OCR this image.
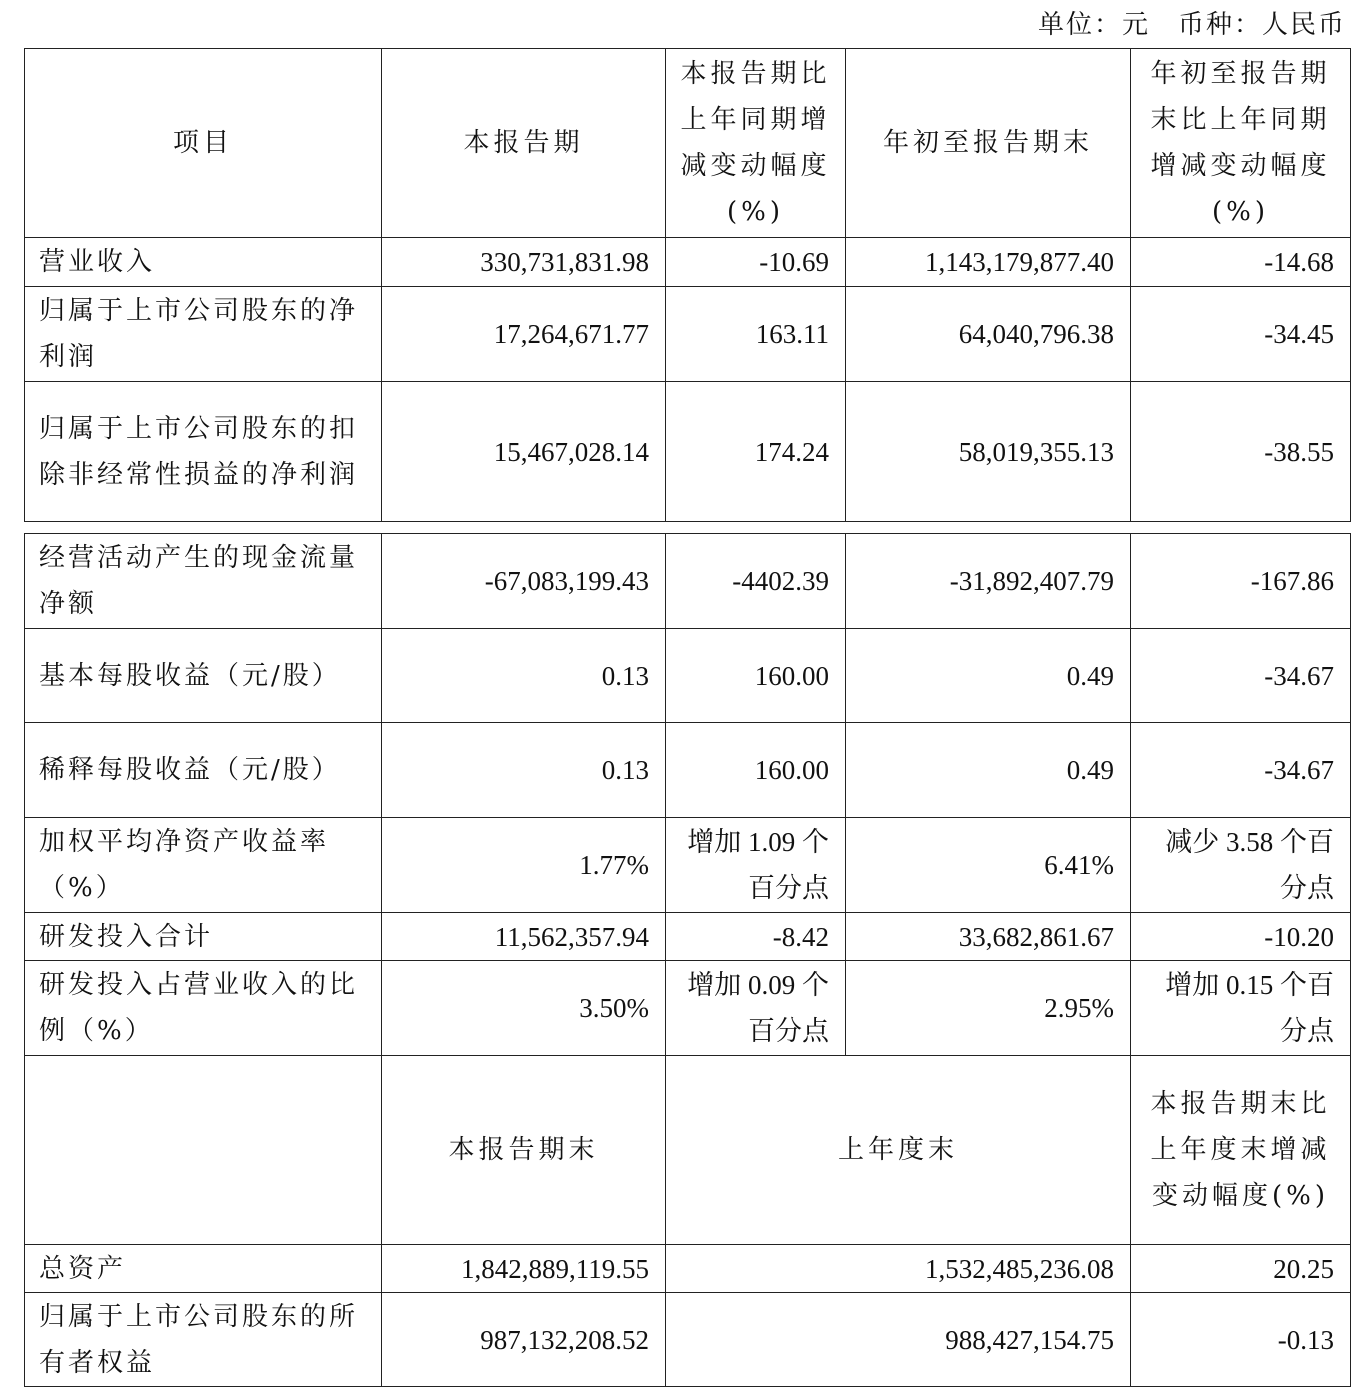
单位：元　币种：人民币
项目	本报告期	本报告期比上年同期增减变动幅度(%)	年初至报告期末	年初至报告期末比上年同期增减变动幅度(%)
营业收入	330,731,831.98	-10.69	1,143,179,877.40	-14.68
归属于上市公司股东的净利润	17,264,671.77	163.11	64,040,796.38	-34.45
归属于上市公司股东的扣除非经常性损益的净利润	15,467,028.14	174.24	58,019,355.13	-38.55
经营活动产生的现金流量净额	-67,083,199.43	-4402.39	-31,892,407.79	-167.86
基本每股收益（元/股）	0.13	160.00	0.49	-34.67
稀释每股收益（元/股）	0.13	160.00	0.49	-34.67
加权平均净资产收益率（%）	1.77%	增加 1.09 个百分点	6.41%	减少 3.58 个百分点
研发投入合计	11,562,357.94	-8.42	33,682,861.67	-10.20
研发投入占营业收入的比例（%）	3.50%	增加 0.09 个百分点	2.95%	增加 0.15 个百分点
	本报告期末	上年度末		本报告期末比上年度末增减变动幅度(%)
总资产	1,842,889,119.55	1,532,485,236.08		20.25
归属于上市公司股东的所有者权益	987,132,208.52	988,427,154.75		-0.13
